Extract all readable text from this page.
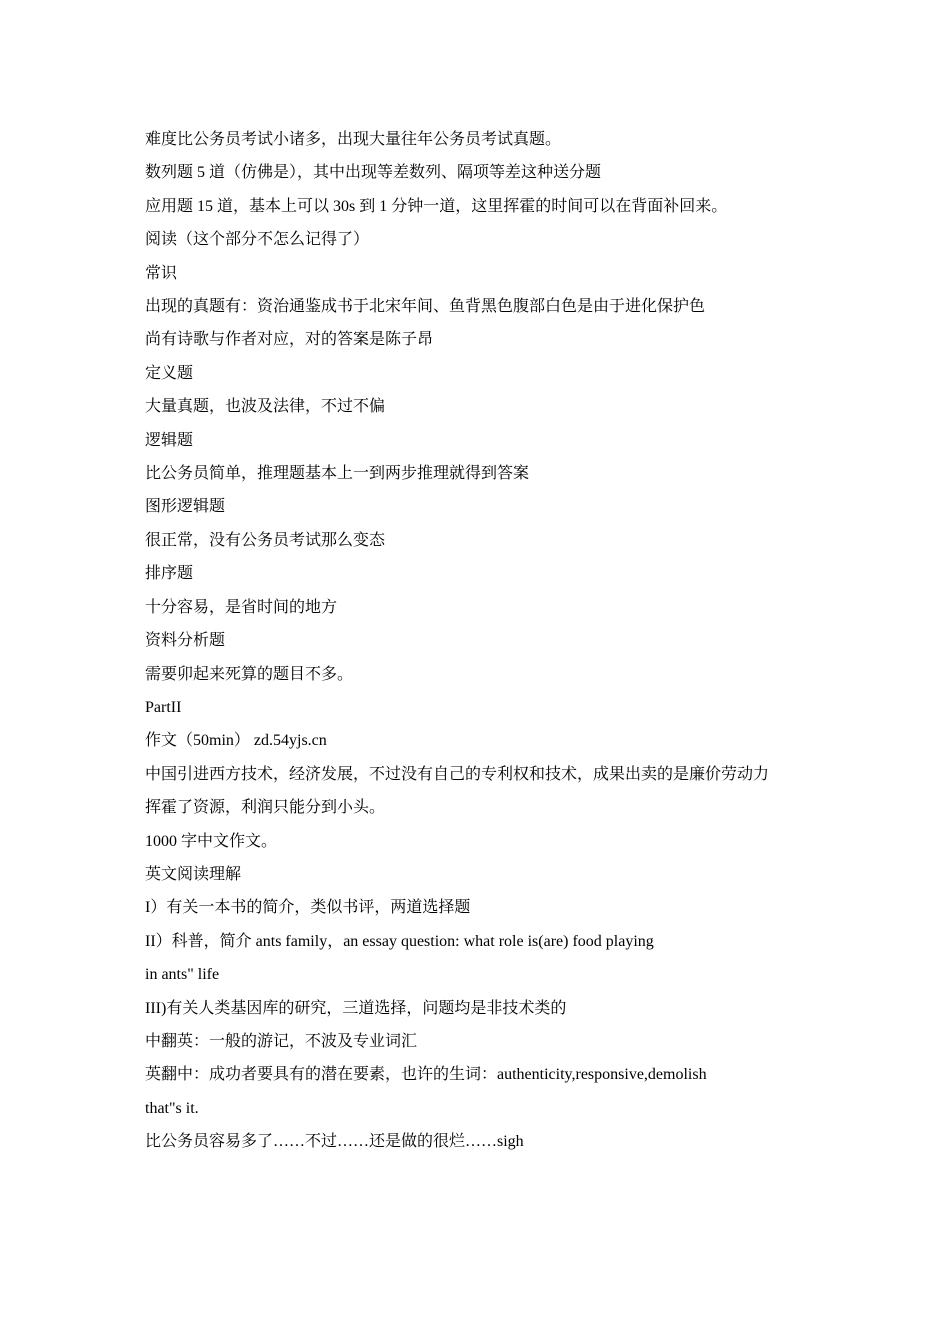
难度比公务员考试小诸多，出现大量往年公务员考试真题。

数列题 5 道（仿佛是），其中出现等差数列、隔项等差这种送分题

应用题 15 道，基本上可以 30s 到 1 分钟一道，这里挥霍的时间可以在背面补回来。

阅读（这个部分不怎么记得了）

常识

出现的真题有：资治通鉴成书于北宋年间、鱼背黑色腹部白色是由于进化保护色

尚有诗歌与作者对应，对的答案是陈子昂

定义题

大量真题，也波及法律，不过不偏

逻辑题

比公务员简单，推理题基本上一到两步推理就得到答案

图形逻辑题

很正常，没有公务员考试那么变态

排序题

十分容易，是省时间的地方

资料分析题

需要卯起来死算的题目不多。

PartII

作文（50min） zd.54yjs.cn

中国引进西方技术，经济发展，不过没有自己的专利权和技术，成果出卖的是廉价劳动力

挥霍了资源，利润只能分到小头。

1000 字中文作文。

英文阅读理解

I）有关一本书的简介，类似书评，两道选择题

II）科普，简介 ants family，an essay question: what role is(are) food playing

in ants" life

III)有关人类基因库的研究，三道选择，问题均是非技术类的

中翻英：一般的游记，不波及专业词汇

英翻中：成功者要具有的潜在要素，也许的生词：authenticity,responsive,demolish

that"s it.

比公务员容易多了……不过……还是做的很烂……sigh
